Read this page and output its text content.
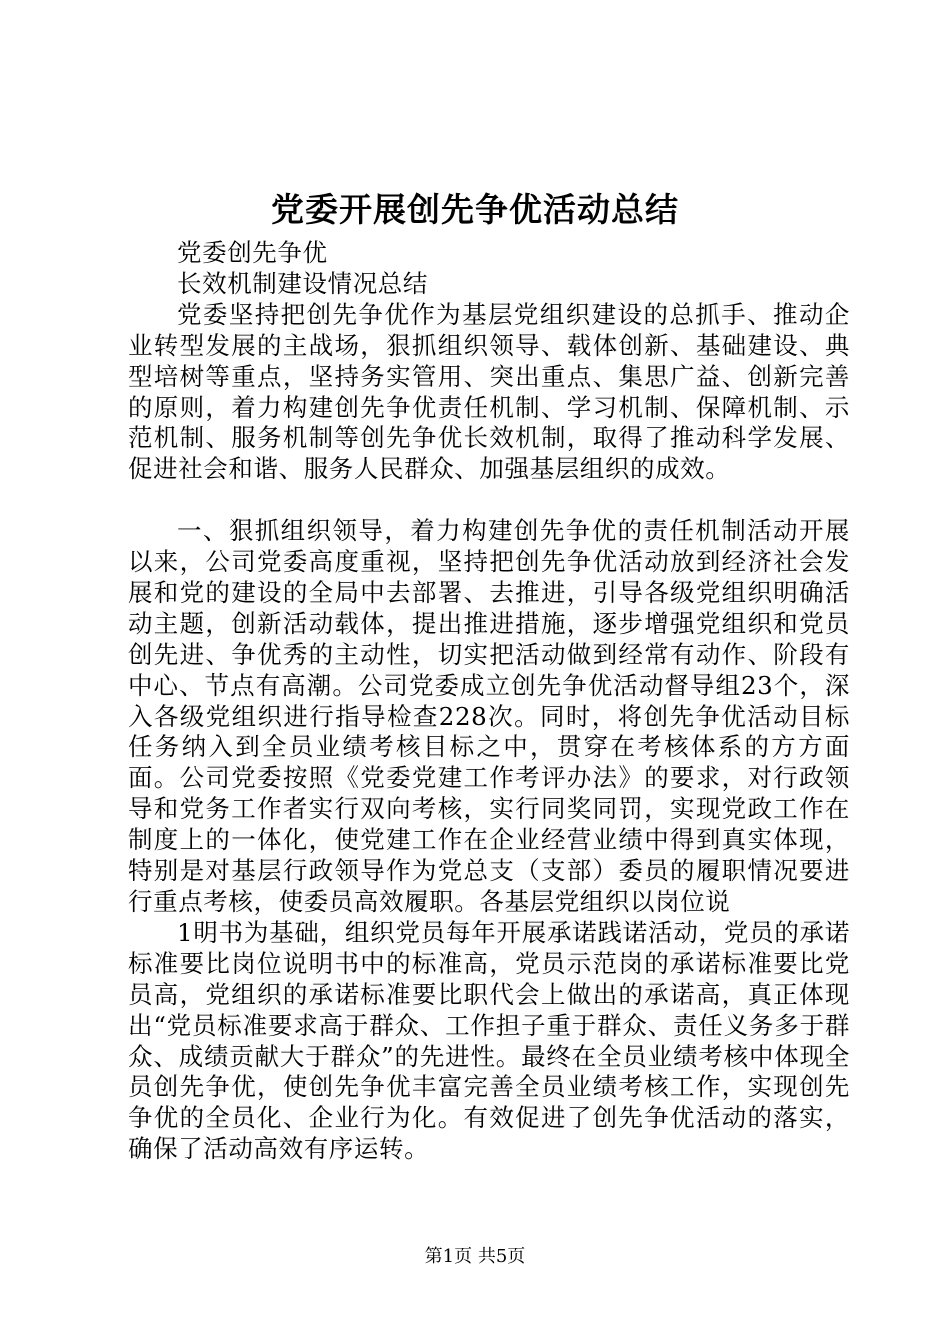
党委开展创先争优活动总结

党委创先争优

长效机制建设情况总结

党委坚持把创先争优作为基层党组织建设的总抓手、推动企业转型发展的主战场，狠抓组织领导、载体创新、基础建设、典型培树等重点，坚持务实管用、突出重点、集思广益、创新完善的原则，着力构建创先争优责任机制、学习机制、保障机制、示范机制、服务机制等创先争优长效机制，取得了推动科学发展、促进社会和谐、服务人民群众、加强基层组织的成效。

一、狠抓组织领导，着力构建创先争优的责任机制活动开展以来，公司党委高度重视，坚持把创先争优活动放到经济社会发展和党的建设的全局中去部署、去推进，引导各级党组织明确活动主题，创新活动载体，提出推进措施，逐步增强党组织和党员创先进、争优秀的主动性，切实把活动做到经常有动作、阶段有中心、节点有高潮。公司党委成立创先争优活动督导组23个，深入各级党组织进行指导检查228次。同时，将创先争优活动目标任务纳入到全员业绩考核目标之中，贯穿在考核体系的方方面面。公司党委按照《党委党建工作考评办法》的要求，对行政领导和党务工作者实行双向考核，实行同奖同罚，实现党政工作在制度上的一体化，使党建工作在企业经营业绩中得到真实体现，特别是对基层行政领导作为党总支（支部）委员的履职情况要进行重点考核，使委员高效履职。各基层党组织以岗位说

1明书为基础，组织党员每年开展承诺践诺活动，党员的承诺标准要比岗位说明书中的标准高，党员示范岗的承诺标准要比党员高，党组织的承诺标准要比职代会上做出的承诺高，真正体现出“党员标准要求高于群众、工作担子重于群众、责任义务多于群众、成绩贡献大于群众”的先进性。最终在全员业绩考核中体现全员创先争优，使创先争优丰富完善全员业绩考核工作，实现创先争优的全员化、企业行为化。有效促进了创先争优活动的落实，确保了活动高效有序运转。

第1页 共5页
